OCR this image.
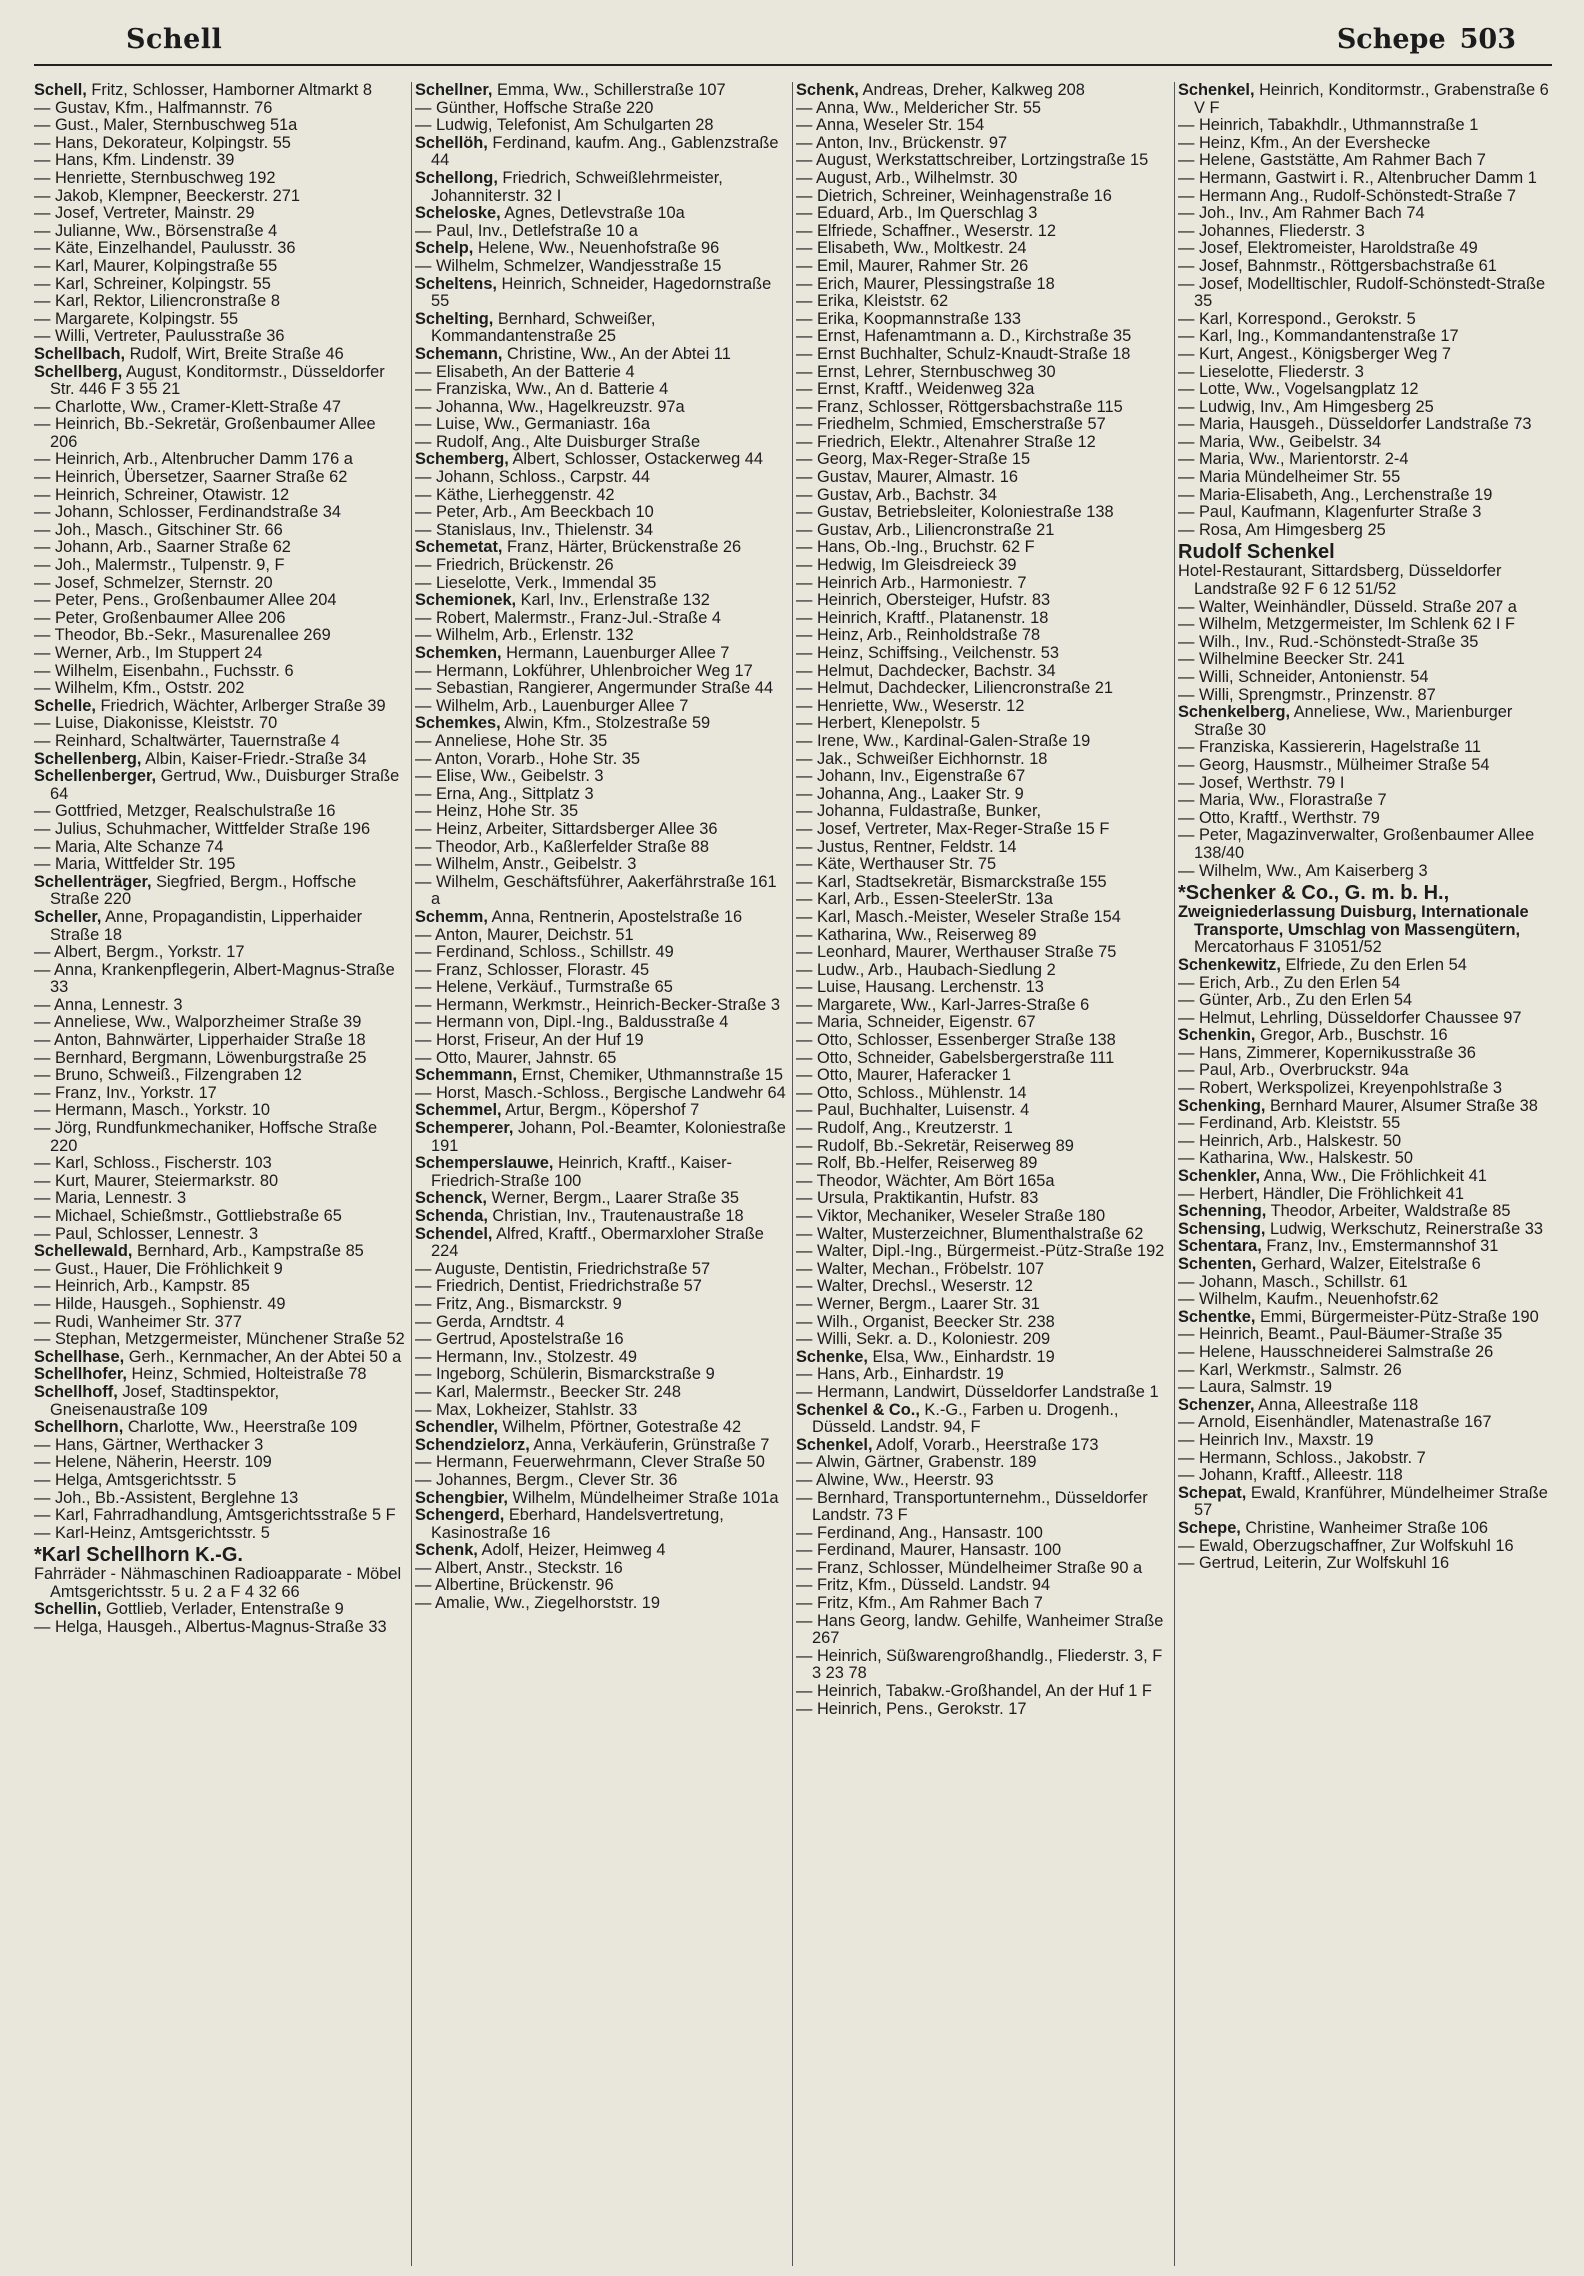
Schell	Schepe 503
Schell, Fritz, Schlosser, Hamborner Altmarkt 8
— Gustav, Kfm., Halfmannstr. 76
— Gust., Maler, Sternbuschweg 51a
— Hans, Dekorateur, Kolpingstr. 55
— Hans, Kfm. Lindenstr. 39
— Henriette, Sternbuschweg 192
— Jakob, Klempner, Beeckerstr. 271
— Josef, Vertreter, Mainstr. 29
— Julianne, Ww., Börsenstraße 4
— Käte, Einzelhandel, Paulusstr. 36
— Karl, Maurer, Kolpingstraße 55
— Karl, Schreiner, Kolpingstr. 55
— Karl, Rektor, Liliencronstraße 8
— Margarete, Kolpingstr. 55
— Willi, Vertreter, Paulusstraße 36
Schellbach, Rudolf, Wirt, Breite Straße 46
Schellberg, August, Konditormstr., Düsseldorfer Str. 446 F 3 55 21
— Charlotte, Ww., Cramer-Klett-Straße 47
— Heinrich, Bb.-Sekretär, Großenbaumer Allee 206
— Heinrich, Arb., Altenbrucher Damm 176 a
— Heinrich, Übersetzer, Saarner Straße 62
— Heinrich, Schreiner, Otawistr. 12
— Johann, Schlosser, Ferdinandstraße 34
— Joh., Masch., Gitschiner Str. 66
— Johann, Arb., Saarner Straße 62
— Joh., Malermstr., Tulpenstr. 9, F
— Josef, Schmelzer, Sternstr. 20
— Peter, Pens., Großenbaumer Allee 204
— Peter, Großenbaumer Allee 206
— Theodor, Bb.-Sekr., Masurenallee 269
— Werner, Arb., Im Stuppert 24
— Wilhelm, Eisenbahn., Fuchsstr. 6
— Wilhelm, Kfm., Oststr. 202
Schelle, Friedrich, Wächter, Arlberger Straße 39
— Luise, Diakonisse, Kleiststr. 70
— Reinhard, Schaltwärter, Tauernstraße 4
Schellenberg, Albin, Kaiser-Friedr.-Straße 34
Schellenberger, Gertrud, Ww., Duisburger Straße 64
— Gottfried, Metzger, Realschulstraße 16
— Julius, Schuhmacher, Wittfelder Straße 196
— Maria, Alte Schanze 74
— Maria, Wittfelder Str. 195
Schellenträger, Siegfried, Bergm., Hoffsche Straße 220
Scheller, Anne, Propagandistin, Lipperhaider Straße 18
— Albert, Bergm., Yorkstr. 17
— Anna, Krankenpflegerin, Albert-Magnus-Straße 33
— Anna, Lennestr. 3
— Anneliese, Ww., Walporzheimer Straße 39
— Anton, Bahnwärter, Lipperhaider Straße 18
— Bernhard, Bergmann, Löwenburgstraße 25
— Bruno, Schweiß., Filzengraben 12
— Franz, Inv., Yorkstr. 17
— Hermann, Masch., Yorkstr. 10
— Jörg, Rundfunkmechaniker, Hoffsche Straße 220
— Karl, Schloss., Fischerstr. 103
— Kurt, Maurer, Steiermarkstr. 80
— Maria, Lennestr. 3
— Michael, Schießmstr., Gottliebstraße 65
— Paul, Schlosser, Lennestr. 3
Schellewald, Bernhard, Arb., Kampstraße 85
— Gust., Hauer, Die Fröhlichkeit 9
— Heinrich, Arb., Kampstr. 85
— Hilde, Hausgeh., Sophienstr. 49
— Rudi, Wanheimer Str. 377
— Stephan, Metzgermeister, Münchener Straße 52
Schellhase, Gerh., Kernmacher, An der Abtei 50 a
Schellhofer, Heinz, Schmied, Holteistraße 78
Schellhoff, Josef, Stadtinspektor, Gneisenaustraße 109
Schellhorn, Charlotte, Ww., Heerstraße 109
— Hans, Gärtner, Werthacker 3
— Helene, Näherin, Heerstr. 109
— Helga, Amtsgerichtsstr. 5
— Joh., Bb.-Assistent, Berglehne 13
— Karl, Fahrradhandlung, Amtsgerichtsstraße 5 F
— Karl-Heinz, Amtsgerichtsstr. 5
*Karl Schellhorn K.-G.
Fahrräder - Nähmaschinen Radioapparate - Möbel Amtsgerichtsstr. 5 u. 2 a F 4 32 66
Schellin, Gottlieb, Verlader, Entenstraße 9
— Helga, Hausgeh., Albertus-Magnus-Straße 33
Schellner, Emma, Ww., Schillerstraße 107
— Günther, Hoffsche Straße 220
— Ludwig, Telefonist, Am Schulgarten 28
Schellöh, Ferdinand, kaufm. Ang., Gablenzstraße 44
Schellong, Friedrich, Schweißlehrmeister, Johanniterstr. 32 I
Scheloske, Agnes, Detlevstraße 10a
— Paul, Inv., Detlefstraße 10 a
Schelp, Helene, Ww., Neuenhofstraße 96
— Wilhelm, Schmelzer, Wandjesstraße 15
Scheltens, Heinrich, Schneider, Hagedornstraße 55
Schelting, Bernhard, Schweißer, Kommandantenstraße 25
Schemann, Christine, Ww., An der Abtei 11
— Elisabeth, An der Batterie 4
— Franziska, Ww., An d. Batterie 4
— Johanna, Ww., Hagelkreuzstr. 97a
— Luise, Ww., Germaniastr. 16a
— Rudolf, Ang., Alte Duisburger Straße
Schemberg, Albert, Schlosser, Ostackerweg 44
— Johann, Schloss., Carpstr. 44
— Käthe, Lierheggenstr. 42
— Peter, Arb., Am Beeckbach 10
— Stanislaus, Inv., Thielenstr. 34
Schemetat, Franz, Härter, Brückenstraße 26
— Friedrich, Brückenstr. 26
— Lieselotte, Verk., Immendal 35
Schemionek, Karl, Inv., Erlenstraße 132
— Robert, Malermstr., Franz-Jul.-Straße 4
— Wilhelm, Arb., Erlenstr. 132
Schemken, Hermann, Lauenburger Allee 7
— Hermann, Lokführer, Uhlenbroicher Weg 17
— Sebastian, Rangierer, Angermunder Straße 44
— Wilhelm, Arb., Lauenburger Allee 7
Schemkes, Alwin, Kfm., Stolzestraße 59
— Anneliese, Hohe Str. 35
— Anton, Vorarb., Hohe Str. 35
— Elise, Ww., Geibelstr. 3
— Erna, Ang., Sittplatz 3
— Heinz, Hohe Str. 35
— Heinz, Arbeiter, Sittardsberger Allee 36
— Theodor, Arb., Kaßlerfelder Straße 88
— Wilhelm, Anstr., Geibelstr. 3
— Wilhelm, Geschäftsführer, Aakerfährstraße 161 a
Schemm, Anna, Rentnerin, Apostelstraße 16
— Anton, Maurer, Deichstr. 51
— Ferdinand, Schloss., Schillstr. 49
— Franz, Schlosser, Florastr. 45
— Helene, Verkäuf., Turmstraße 65
— Hermann, Werkmstr., Heinrich-Becker-Straße 3
— Hermann von, Dipl.-Ing., Baldusstraße 4
— Horst, Friseur, An der Huf 19
— Otto, Maurer, Jahnstr. 65
Schemmann, Ernst, Chemiker, Uthmannstraße 15
— Horst, Masch.-Schloss., Bergische Landwehr 64
Schemmel, Artur, Bergm., Köpershof 7
Schemperer, Johann, Pol.-Beamter, Koloniestraße 191
Schemperslauwe, Heinrich, Kraftf., Kaiser-Friedrich-Straße 100
Schenck, Werner, Bergm., Laarer Straße 35
Schenda, Christian, Inv., Trautenaustraße 18
Schendel, Alfred, Kraftf., Obermarxloher Straße 224
— Auguste, Dentistin, Friedrichstraße 57
— Friedrich, Dentist, Friedrichstraße 57
— Fritz, Ang., Bismarckstr. 9
— Gerda, Arndtstr. 4
— Gertrud, Apostelstraße 16
— Hermann, Inv., Stolzestr. 49
— Ingeborg, Schülerin, Bismarckstraße 9
— Karl, Malermstr., Beecker Str. 248
— Max, Lokheizer, Stahlstr. 33
Schendler, Wilhelm, Pförtner, Gotestraße 42
Schendzielorz, Anna, Verkäuferin, Grünstraße 7
— Hermann, Feuerwehrmann, Clever Straße 50
— Johannes, Bergm., Clever Str. 36
Schengbier, Wilhelm, Mündelheimer Straße 101a
Schengerd, Eberhard, Handelsvertretung, Kasinostraße 16
Schenk, Adolf, Heizer, Heimweg 4
— Albert, Anstr., Steckstr. 16
— Albertine, Brückenstr. 96
— Amalie, Ww., Ziegelhorststr. 19
Schenk, Andreas, Dreher, Kalkweg 208
— Anna, Ww., Meldericher Str. 55
— Anna, Weseler Str. 154
— Anton, Inv., Brückenstr. 97
— August, Werkstattschreiber, Lortzingstraße 15
— August, Arb., Wilhelmstr. 30
— Dietrich, Schreiner, Weinhagenstraße 16
— Eduard, Arb., Im Querschlag 3
— Elfriede, Schaffner., Weserstr. 12
— Elisabeth, Ww., Moltkestr. 24
— Emil, Maurer, Rahmer Str. 26
— Erich, Maurer, Plessingstraße 18
— Erika, Kleiststr. 62
— Erika, Koopmannstraße 133
— Ernst, Hafenamtmann a. D., Kirchstraße 35
— Ernst Buchhalter, Schulz-Knaudt-Straße 18
— Ernst, Lehrer, Sternbuschweg 30
— Ernst, Kraftf., Weidenweg 32a
— Franz, Schlosser, Röttgersbachstraße 115
— Friedhelm, Schmied, Emscherstraße 57
— Friedrich, Elektr., Altenahrer Straße 12
— Georg, Max-Reger-Straße 15
— Gustav, Maurer, Almastr. 16
— Gustav, Arb., Bachstr. 34
— Gustav, Betriebsleiter, Koloniestraße 138
— Gustav, Arb., Liliencronstraße 21
— Hans, Ob.-Ing., Bruchstr. 62 F
— Hedwig, Im Gleisdreieck 39
— Heinrich Arb., Harmoniestr. 7
— Heinrich, Obersteiger, Hufstr. 83
— Heinrich, Kraftf., Platanenstr. 18
— Heinz, Arb., Reinholdstraße 78
— Heinz, Schiffsing., Veilchenstr. 53
— Helmut, Dachdecker, Bachstr. 34
— Helmut, Dachdecker, Liliencronstraße 21
— Henriette, Ww., Weserstr. 12
— Herbert, Klenepolstr. 5
— Irene, Ww., Kardinal-Galen-Straße 19
— Jak., Schweißer Eichhornstr. 18
— Johann, Inv., Eigenstraße 67
— Johanna, Ang., Laaker Str. 9
— Johanna, Fuldastraße, Bunker,
— Josef, Vertreter, Max-Reger-Straße 15 F
— Justus, Rentner, Feldstr. 14
— Käte, Werthauser Str. 75
— Karl, Stadtsekretär, Bismarckstraße 155
— Karl, Arb., Essen-SteelerStr. 13a
— Karl, Masch.-Meister, Weseler Straße 154
— Katharina, Ww., Reiserweg 89
— Leonhard, Maurer, Werthauser Straße 75
— Ludw., Arb., Haubach-Siedlung 2
— Luise, Hausang. Lerchenstr. 13
— Margarete, Ww., Karl-Jarres-Straße 6
— Maria, Schneider, Eigenstr. 67
— Otto, Schlosser, Essenberger Straße 138
— Otto, Schneider, Gabelsbergerstraße 111
— Otto, Maurer, Haferacker 1
— Otto, Schloss., Mühlenstr. 14
— Paul, Buchhalter, Luisenstr. 4
— Rudolf, Ang., Kreutzerstr. 1
— Rudolf, Bb.-Sekretär, Reiserweg 89
— Rolf, Bb.-Helfer, Reiserweg 89
— Theodor, Wächter, Am Bört 165a
— Ursula, Praktikantin, Hufstr. 83
— Viktor, Mechaniker, Weseler Straße 180
— Walter, Musterzeichner, Blumenthalstraße 62
— Walter, Dipl.-Ing., Bürgermeist.-Pütz-Straße 192
— Walter, Mechan., Fröbelstr. 107
— Walter, Drechsl., Weserstr. 12
— Werner, Bergm., Laarer Str. 31
— Wilh., Organist, Beecker Str. 238
— Willi, Sekr. a. D., Koloniestr. 209
Schenke, Elsa, Ww., Einhardstr. 19
— Hans, Arb., Einhardstr. 19
— Hermann, Landwirt, Düsseldorfer Landstraße 1
Schenkel & Co., K.-G., Farben u. Drogenh., Düsseld. Landstr. 94, F
Schenkel, Adolf, Vorarb., Heerstraße 173
— Alwin, Gärtner, Grabenstr. 189
— Alwine, Ww., Heerstr. 93
— Bernhard, Transportunternehm., Düsseldorfer Landstr. 73 F
— Ferdinand, Ang., Hansastr. 100
— Ferdinand, Maurer, Hansastr. 100
— Franz, Schlosser, Mündelheimer Straße 90 a
— Fritz, Kfm., Düsseld. Landstr. 94
— Fritz, Kfm., Am Rahmer Bach 7
— Hans Georg, landw. Gehilfe, Wanheimer Straße 267
— Heinrich, Süßwarengroßhandlg., Fliederstr. 3, F 3 23 78
— Heinrich, Tabakw.-Großhandel, An der Huf 1 F
— Heinrich, Pens., Gerokstr. 17
Schenkel, Heinrich, Konditormstr., Grabenstraße 6 V F
— Heinrich, Tabakhdlr., Uthmannstraße 1
— Heinz, Kfm., An der Evershecke
— Helene, Gaststätte, Am Rahmer Bach 7
— Hermann, Gastwirt i. R., Altenbrucher Damm 1
— Hermann Ang., Rudolf-Schönstedt-Straße 7
— Joh., Inv., Am Rahmer Bach 74
— Johannes, Fliederstr. 3
— Josef, Elektromeister, Haroldstraße 49
— Josef, Bahnmstr., Röttgersbachstraße 61
— Josef, Modelltischler, Rudolf-Schönstedt-Straße 35
— Karl, Korrespond., Gerokstr. 5
— Karl, Ing., Kommandantenstraße 17
— Kurt, Angest., Königsberger Weg 7
— Lieselotte, Fliederstr. 3
— Lotte, Ww., Vogelsangplatz 12
— Ludwig, Inv., Am Himgesberg 25
— Maria, Hausgeh., Düsseldorfer Landstraße 73
— Maria, Ww., Geibelstr. 34
— Maria, Ww., Marientorstr. 2-4
— Maria Mündelheimer Str. 55
— Maria-Elisabeth, Ang., Lerchenstraße 19
— Paul, Kaufmann, Klagenfurter Straße 3
— Rosa, Am Himgesberg 25
Rudolf Schenkel
Hotel-Restaurant, Sittardsberg, Düsseldorfer Landstraße 92 F 6 12 51/52
— Walter, Weinhändler, Düsseld. Straße 207 a
— Wilhelm, Metzgermeister, Im Schlenk 62 I F
— Wilh., Inv., Rud.-Schönstedt-Straße 35
— Wilhelmine Beecker Str. 241
— Willi, Schneider, Antonienstr. 54
— Willi, Sprengmstr., Prinzenstr. 87
Schenkelberg, Anneliese, Ww., Marienburger Straße 30
— Franziska, Kassiererin, Hagelstraße 11
— Georg, Hausmstr., Mülheimer Straße 54
— Josef, Werthstr. 79 I
— Maria, Ww., Florastraße 7
— Otto, Kraftf., Werthstr. 79
— Peter, Magazinverwalter, Großenbaumer Allee 138/40
— Wilhelm, Ww., Am Kaiserberg 3
*Schenker & Co., G. m. b. H.,
Zweigniederlassung Duisburg, Internationale Transporte, Umschlag von Massengütern, Mercatorhaus F 31051/52
Schenkewitz, Elfriede, Zu den Erlen 54
— Erich, Arb., Zu den Erlen 54
— Günter, Arb., Zu den Erlen 54
— Helmut, Lehrling, Düsseldorfer Chaussee 97
Schenkin, Gregor, Arb., Buschstr. 16
— Hans, Zimmerer, Kopernikusstraße 36
— Paul, Arb., Overbruckstr. 94a
— Robert, Werkspolizei, Kreyenpohlstraße 3
Schenking, Bernhard Maurer, Alsumer Straße 38
— Ferdinand, Arb. Kleiststr. 55
— Heinrich, Arb., Halskestr. 50
— Katharina, Ww., Halskestr. 50
Schenkler, Anna, Ww., Die Fröhlichkeit 41
— Herbert, Händler, Die Fröhlichkeit 41
Schenning, Theodor, Arbeiter, Waldstraße 85
Schensing, Ludwig, Werkschutz, Reinerstraße 33
Schentara, Franz, Inv., Emstermannshof 31
Schenten, Gerhard, Walzer, Eitelstraße 6
— Johann, Masch., Schillstr. 61
— Wilhelm, Kaufm., Neuenhofstr.62
Schentke, Emmi, Bürgermeister-Pütz-Straße 190
— Heinrich, Beamt., Paul-Bäumer-Straße 35
— Helene, Hausschneiderei Salmstraße 26
— Karl, Werkmstr., Salmstr. 26
— Laura, Salmstr. 19
Schenzer, Anna, Alleestraße 118
— Arnold, Eisenhändler, Matenastraße 167
— Heinrich Inv., Maxstr. 19
— Hermann, Schloss., Jakobstr. 7
— Johann, Kraftf., Alleestr. 118
Schepat, Ewald, Kranführer, Mündelheimer Straße 57
Schepe, Christine, Wanheimer Straße 106
— Ewald, Oberzugschaffner, Zur Wolfskuhl 16
— Gertrud, Leiterin, Zur Wolfskuhl 16
